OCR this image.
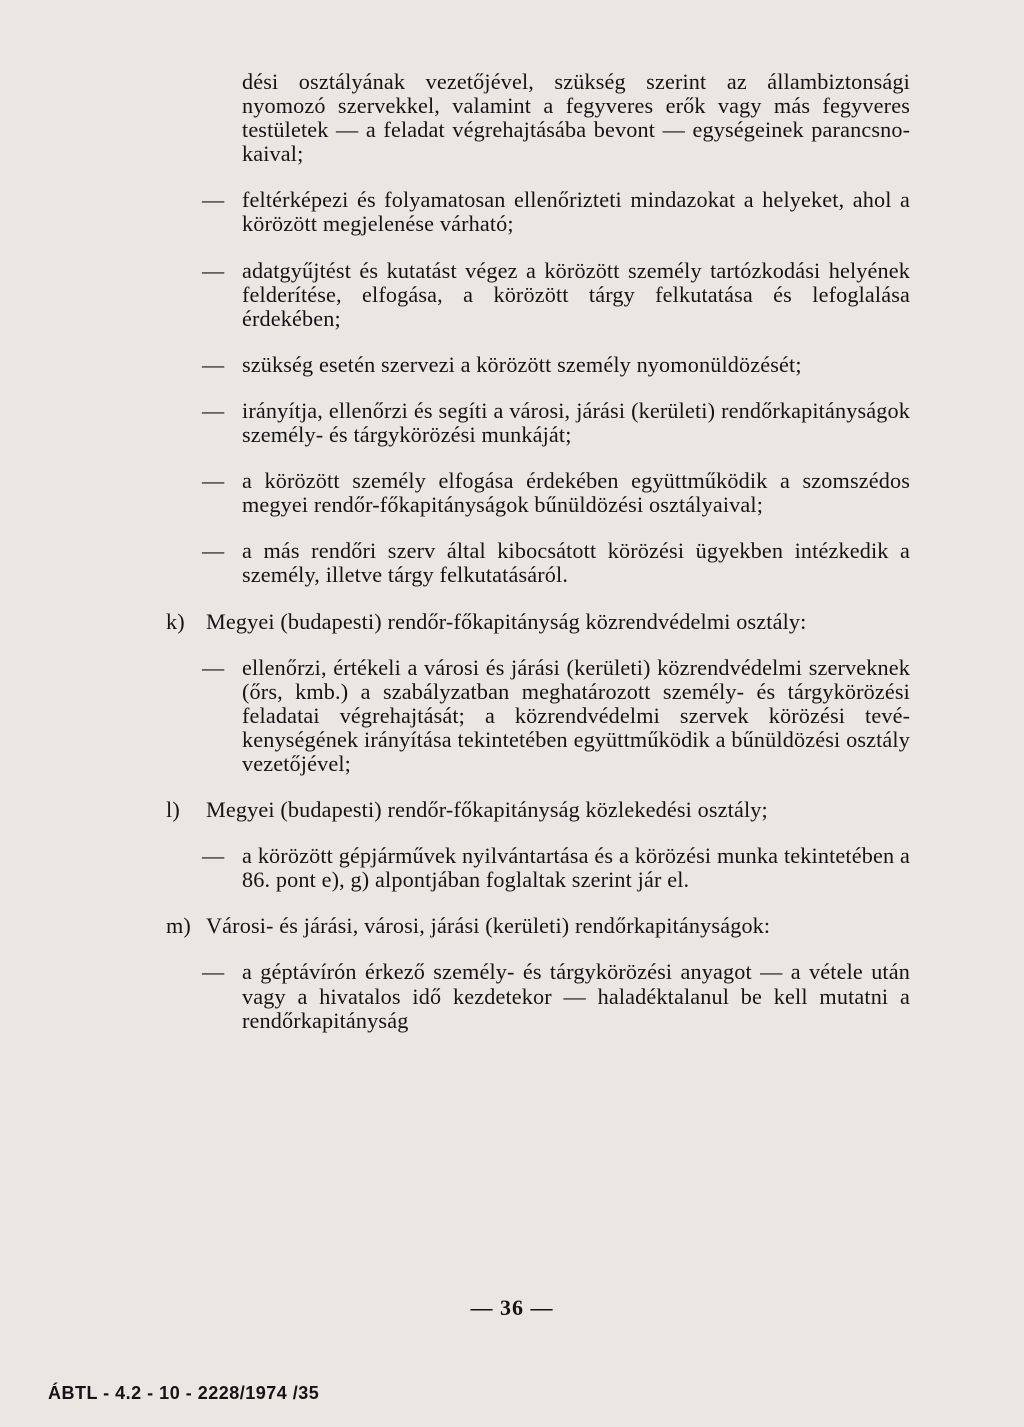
dési osztályának vezetőjével, szükség szerint az állambiztonsági nyomozó szervekkel, valamint a fegyveres erők vagy más fegyveres testületek — a feladat végrehajtásába bevont — egységeinek parancsnokaival;
— feltérképezi és folyamatosan ellenőrizteti mindazokat a helyeket, ahol a körözött megjelenése várható;
— adatgyűjtést és kutatást végez a körözött személy tartózkodási helyének felderítése, elfogása, a körözött tárgy felkutatása és lefoglalása érdekében;
— szükség esetén szervezi a körözött személy nyomonüldözését;
— irányítja, ellenőrzi és segíti a városi, járási (kerületi) rendőrkapitányságok személy- és tárgykörözési munkáját;
— a körözött személy elfogása érdekében együttműködik a szomszédos megyei rendőr-főkapitányságok bűnüldözési osztályaival;
— a más rendőri szerv által kibocsátott körözési ügyekben intézkedik a személy, illetve tárgy felkutatásáról.
k) Megyei (budapesti) rendőr-főkapitányság közrendvédelmi osztály:
— ellenőrzi, értékeli a városi és járási (kerületi) közrendvédelmi szerveknek (őrs, kmb.) a szabályzatban meghatározott személy- és tárgykörözési feladatai végrehajtását; a közrendvédelmi szervek körözési tevékenységének irányítása tekintetében együttműködik a bűnüldözési osztály vezetőjével;
l) Megyei (budapesti) rendőr-főkapitányság közlekedési osztály;
— a körözött gépjárművek nyilvántartása és a körözési munka tekintetében a 86. pont e), g) alpontjában foglaltak szerint jár el.
m) Városi- és járási, városi, járási (kerületi) rendőrkapitányságok:
— a géptávírón érkező személy- és tárgykörözési anyagot — a vétele után vagy a hivatalos idő kezdetekor — haladéktalanul be kell mutatni a rendőrkapitányság
— 36 —
ÁBTL - 4.2 - 10 - 2228/1974 /35
